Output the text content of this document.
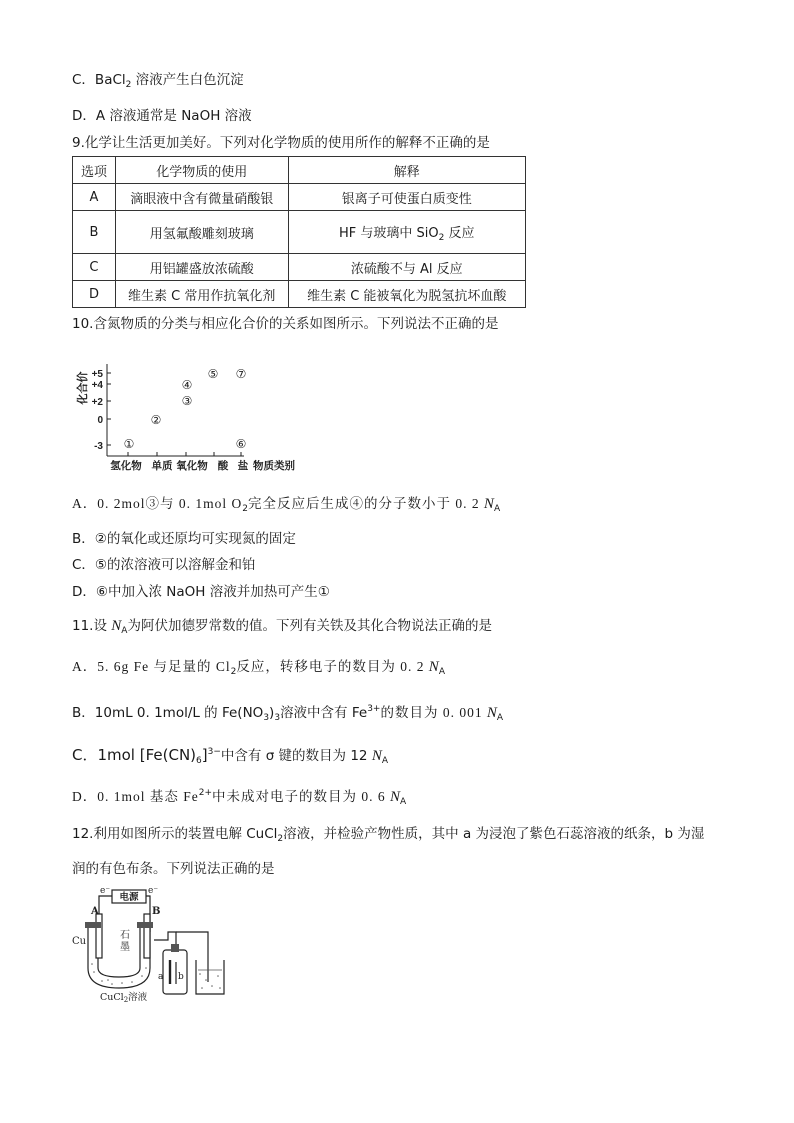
C．BaCl$_2$ 溶液产生白色沉淀
D．A 溶液通常是 NaOH 溶液
9.化学让生活更加美好。下列对化学物质的使用所作的解释不正确的是
选项	化学物质的使用	解释
A	滴眼液中含有微量硝酸银	银离子可使蛋白质变性
B	用氢氟酸雕刻玻璃	HF 与玻璃中 SiO$_2$ 反应
C	用铝罐盛放浓硫酸	浓硫酸不与 Al 反应
D	维生素 C 常用作抗氧化剂	维生素 C 能被氧化为脱氢抗坏血酸
10.含氮物质的分类与相应化合价的关系如图所示。下列说法不正确的是
化合价 +5
+4
+2
0
-3 ①
②
③
④
⑤
⑥
⑦
氢化物 单质 氧化物 酸 盐 物质类别
A．0. 2mol③与 0. 1mol $O_2$完全反应后生成④的分子数小于 0. 2 $N_A$
B．②的氧化或还原均可实现氮的固定
C．⑤的浓溶液可以溶解金和铂
D．⑥中加入浓 NaOH 溶液并加热可产生①
11.设 $N_A$为阿伏加德罗常数的值。下列有关铁及其化合物说法正确的是
A．5. 6g Fe 与足量的 $Cl_2$反应，转移电子的数目为 0. 2 $N_A$
B．10mL 0. 1mol/L 的 $Fe(NO_3)_3$溶液中含有 $Fe^{3+}$的数目为 0. 001 $N_A$
C．1mol $[Fe(CN)_6]^{3-}$中含有 σ 键的数目为 12 $N_A$
D．0. 1mol 基态 $Fe^{2+}$中未成对电子的数目为 0. 6 $N_A$
12.利用如图所示的装置电解 CuCl$_2$溶液，并检验产物性质，其中 a 为浸泡了紫色石蕊溶液的纸条，b 为湿
润的有色布条。下列说法正确的是
电源
e⁻	e⁻
A	B
Cu
石
墨
a b
CuCl$_2$溶液
